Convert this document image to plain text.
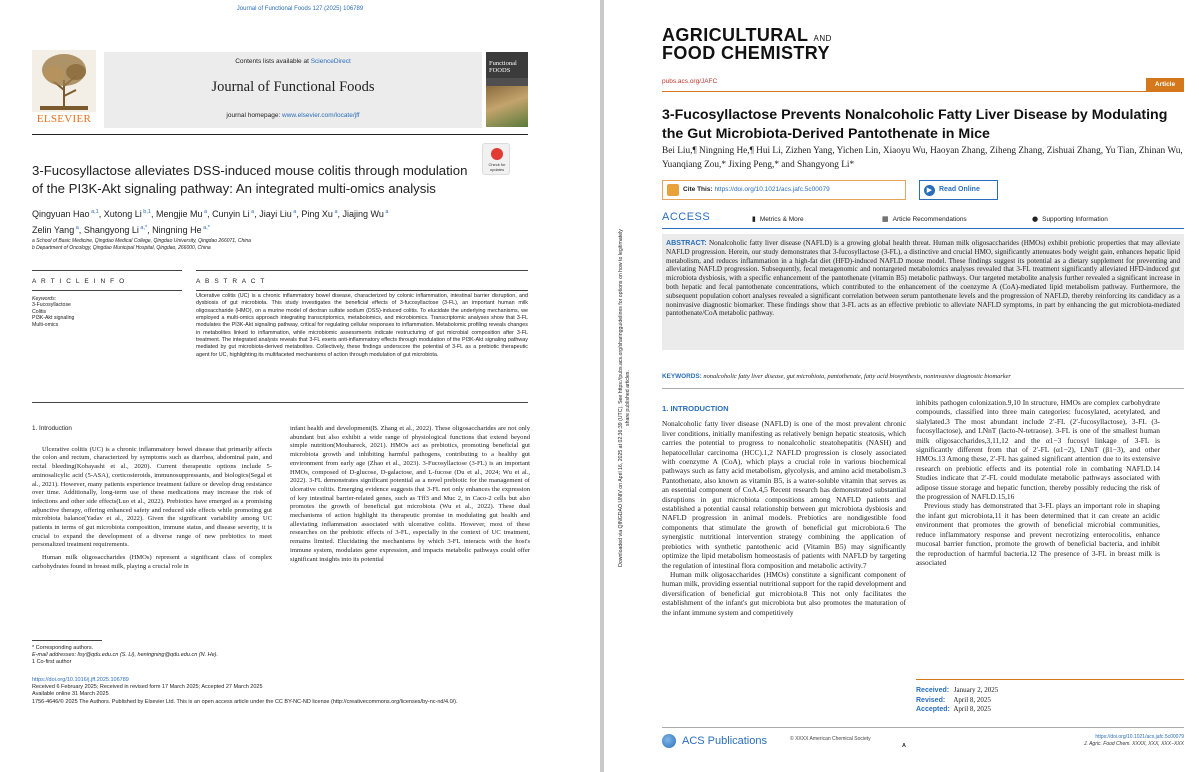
Journal of Functional Foods 127 (2025) 106789
ELSEVIER
Contents lists available at ScienceDirect
Journal of Functional Foods
journal homepage: www.elsevier.com/locate/jff
Functional FOODS
Check for updates
3-Fucosyllactose alleviates DSS-induced mouse colitis through modulation of the PI3K-Akt signaling pathway: An integrated multi-omics analysis
Qingyuan Hao $^{a,1}$, Xutong Li $^{b,1}$, Mengjie Mu $^a$, Cunyin Li $^a$, Jiayi Liu $^a$, Ping Xu $^a$, Jiajing Wu $^a$
Zelin Yang $^a$, Shangyong Li $^{a,*}$, Ningning He $^{a,*}$
a School of Basic Medicine, Qingdao Medical College, Qingdao University, Qingdao 266071, China
b Department of Oncology, Qingdao Municipal Hospital, Qingdao, 266000, China
A R T I C L E I N F O	A B S T R A C T
Keywords:
3-Fucosyllactose
Colitis
PI3K-Akt signaling
Multi-omics
Ulcerative colitis (UC) is a chronic inflammatory bowel disease, characterized by colonic inflammation, intestinal barrier disruption, and dysbiosis of gut microbiota. This study investigates the beneficial effects of 3-fucosyllactose (3-FL), an important human milk oligosaccharide (HMO), on a murine model of dextran sulfate sodium (DSS)-induced colitis. To elucidate the underlying mechanisms, we employed a multi-omics approach integrating transcriptomics, metabolomics, and microbiomics. Transcriptomic analyses show that 3-FL modulates the PI3K-Akt signaling pathway, critical for regulating cellular responses to inflammation. Metabolomic profiling reveals changes in metabolites linked to inflammation, while microbiomic assessments indicate restructuring of gut microbial composition after 3-FL treatment. The integrated analysis reveals that 3-FL exerts anti-inflammatory effects through modulation of the PI3K-Akt signaling pathway mediated by gut microbiota-derived metabolites. Collectively, these findings underscore the potential of 3-FL as a prebiotic therapeutic agent for UC, highlighting its multifaceted mechanisms of action through modulation of gut microbiota.
1. Introduction

Ulcerative colitis (UC) is a chronic inflammatory bowel disease that primarily affects the colon and rectum, characterized by symptoms such as diarrhea, abdominal pain, and rectal bleeding(Kobayashi et al., 2020). Current therapeutic options include 5-aminosalicylic acid (5-ASA), corticosteroids, immunosuppressants, and biologics(Segal et al., 2021). However, many patients experience treatment failure or develop drug resistance over time. Additionally, long-term use of these medications may increase the risk of infections and other side effects(Luo et al., 2022). Prebiotics have emerged as a promising adjunctive therapy, offering enhanced safety and reduced side effects while promoting gut microbiota balance(Yadav et al., 2022). Given the significant variability among UC patients in terms of gut microbiota composition, immune status, and disease severity, it is crucial to expand the development of a diverse range of new prebiotics to meet personalized treatment requirements.

Human milk oligosaccharides (HMOs) represent a significant class of complex carbohydrates found in breast milk, playing a crucial role in

infant health and development(B. Zhang et al., 2022). These oligosaccharides are not only abundant but also exhibit a wide range of physiological functions that extend beyond simple nutrition(Moubareck, 2021). HMOs act as prebiotics, promoting beneficial gut microbiota growth and inhibiting harmful pathogens, contributing to a healthy gut environment from early age (Zhao et al., 2023). 3-Fucosyllactose (3-FL) is an important HMOs, composed of D-glucose, D-galactose, and L-fucose (Du et al., 2024; Wu et al., 2022). 3-FL demonstrates significant potential as a novel prebiotic for the management of ulcerative colitis. Emerging evidence suggests that 3-FL not only enhances the expression of key intestinal barrier-related genes, such as Tff3 and Muc 2, in Caco-2 cells but also promotes the growth of beneficial gut microbiota (Wu et al., 2022). These dual mechanisms of action highlight its therapeutic promise in modulating gut health and alleviating inflammation associated with ulcerative colitis. However, most of these researches on the prebiotic effects of 3-FL, especially in the context of UC treatment, remains limited. Elucidating the mechanisms by which 3-FL interacts with the host's immune system, modulates gene expression, and impacts metabolic pathways could offer significant insights into its potential

* Corresponding authors.
E-mail addresses: lisy@qdu.edu.cn (S. Li), heningning@qdu.edu.cn (N. He).
1 Co-first author
https://doi.org/10.1016/j.jff.2025.106789
Received 6 February 2025; Received in revised form 17 March 2025; Accepted 27 March 2025
Available online 31 March 2025
1756-4646/© 2025 The Authors. Published by Elsevier Ltd. This is an open access article under the CC BY-NC-ND license (http://creativecommons.org/licenses/by-nc-nd/4.0/).
Downloaded via QINGDAO UNIV on April 16, 2025 at 02:36:39 (UTC). See https://pubs.acs.org/sharingguidelines for options on how to legitimately share published articles.
AGRICULTURAL AND
FOOD CHEMISTRY
pubs.acs.org/JAFC	Article
3-Fucosyllactose Prevents Nonalcoholic Fatty Liver Disease by Modulating the Gut Microbiota-Derived Pantothenate in Mice
Bei Liu,¶ Ningning He,¶ Hui Li, Zizhen Yang, Yichen Lin, Xiaoyu Wu, Haoyan Zhang, Ziheng Zhang, Zishuai Zhang, Yu Tian, Zhinan Wu, Yuanqiang Zou,* Jixing Peng,* and Shangyong Li*
Cite This: https://doi.org/10.1021/acs.jafc.5c00079	▶ Read Online
ACCESS	▮ Metrics & More	▦ Article Recommendations	● Supporting Information
ABSTRACT: Nonalcoholic fatty liver disease (NAFLD) is a growing global health threat. Human milk oligosaccharides (HMOs) exhibit prebiotic properties that may alleviate NAFLD progression. Herein, our study demonstrates that 3-fucosyllactose (3-FL), a distinctive and crucial HMO, significantly attenuates body weight gain, enhances hepatic lipid metabolism, and reduces inflammation in a high-fat diet (HFD)-induced NAFLD mouse model. These findings suggest its potential as a dietary supplement for preventing and alleviating NAFLD progression. Subsequently, fecal metagenomic and nontargeted metabolomics analyses revealed that 3-FL treatment significantly alleviated HFD-induced gut microbiota dysbiosis, with a specific enhancement of the pantothenate (vitamin B5) metabolic pathways. Our targeted metabolite analysis further revealed a significant increase in both hepatic and fecal pantothenate concentrations, which contributed to the enhancement of the coenzyme A (CoA)-mediated lipid metabolism pathway. Furthermore, the subsequent population cohort analyses revealed a significant correlation between serum pantothenate levels and the progression of NAFLD, thereby reinforcing its candidacy as a noninvasive diagnostic biomarker. These findings show that 3-FL acts as an effective prebiotic to alleviate NAFLD symptoms, in part by enhancing the gut microbiota-mediated pantothenate/CoA metabolic pathway.
KEYWORDS: nonalcoholic fatty liver disease, gut microbiota, pantothenate, fatty acid biosynthesis, noninvasive diagnostic biomarker
1. INTRODUCTION

Nonalcoholic fatty liver disease (NAFLD) is one of the most prevalent chronic liver conditions, initially manifesting as relatively benign hepatic steatosis, which carries the potential to progress to nonalcoholic steatohepatitis (NASH) and hepatocellular carcinoma (HCC).1,2 NAFLD progression is closely associated with coenzyme A (CoA), which plays a crucial role in various biochemical pathways such as fatty acid metabolism, glycolysis, and amino acid metabolism.3 Pantothenate, also known as vitamin B5, is a water-soluble vitamin that serves as an essential component of CoA.4,5 Recent research has demonstrated substantial disruptions in gut microbiota compositions among NAFLD patients and established a potential causal relationship between gut microbiota dysbiosis and NAFLD progression in animal models. Prebiotics are nondigestible food components that stimulate the growth of beneficial gut microbiota.6 The synergistic nutritional intervention strategy combining the application of prebiotics with synthetic pantothenic acid (Vitamin B5) may significantly optimize the lipid metabolism homeostasis of patients with NAFLD by targeting the regulation of intestinal flora composition and metabolic activity.7

Human milk oligosaccharides (HMOs) constitute a significant component of human milk, providing essential nutritional support for the rapid development and diversification of beneficial gut microbiota.8 This not only facilitates the establishment of the infant's gut microbiota but also promotes the maturation of the infant immune system and competitively

inhibits pathogen colonization.9,10 In structure, HMOs are complex carbohydrate compounds, classified into three main categories: fucosylated, acetylated, and sialylated.3 The most abundant include 2′-FL (2′-fucosyllactose), 3-FL (3-fucosyllactose), and LNnT (lacto-N-tetraose). 3-FL is one of the smallest human milk oligosaccharides,3,11,12 and the α1−3 fucosyl linkage of 3-FL is significantly different from that of 2′-FL (α1−2), LNnT (β1−3), and other HMOs.13 Among these, 2′-FL has gained significant attention due to its extensive research on prebiotic effects and its potential role in combating NAFLD.14 Studies indicate that 2′-FL could modulate metabolic pathways associated with adipose tissue storage and hepatic function, thereby possibly reducing the risk of the progression of NAFLD.15,16

Previous study has demonstrated that 3-FL plays an important role in shaping the infant gut microbiota,11 it has been determined that it can create an acidic environment that promotes the growth of beneficial microbial communities, reduce inflammatory response and prevent necrotizing enterocolitis, enhance mucosal barrier function, promote the growth of beneficial bacteria, and inhibit the reproduction of harmful bacteria.12 The presence of 3-FL in breast milk is associated

Received: January 2, 2025
Revised: April 8, 2025
Accepted: April 8, 2025
ACS Publications	© XXXX American Chemical Society
A
https://doi.org/10.1021/acs.jafc.5c00079
J. Agric. Food Chem. XXXX, XXX, XXX−XXX
